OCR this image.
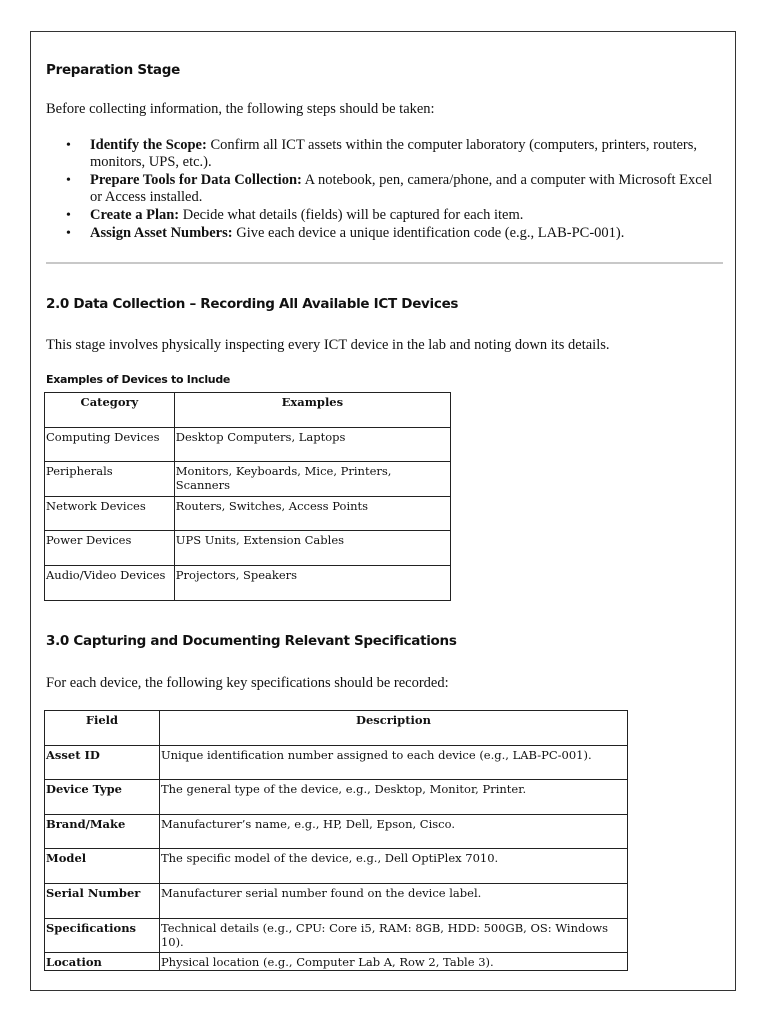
Preparation Stage

Before collecting information, the following steps should be taken:

• Identify the Scope: Confirm all ICT assets within the computer laboratory (computers, printers, routers, monitors, UPS, etc.).
• Prepare Tools for Data Collection: A notebook, pen, camera/phone, and a computer with Microsoft Excel or Access installed.
• Create a Plan: Decide what details (fields) will be captured for each item.
• Assign Asset Numbers: Give each device a unique identification code (e.g., LAB-PC-001).
2.0 Data Collection – Recording All Available ICT Devices

This stage involves physically inspecting every ICT device in the lab and noting down its details.

Examples of Devices to Include
Category	Examples
Computing Devices	Desktop Computers, Laptops
Peripherals	Monitors, Keyboards, Mice, Printers, Scanners
Network Devices	Routers, Switches, Access Points
Power Devices	UPS Units, Extension Cables
Audio/Video Devices	Projectors, Speakers
3.0 Capturing and Documenting Relevant Specifications

For each device, the following key specifications should be recorded:

Field	Description
Asset ID	Unique identification number assigned to each device (e.g., LAB-PC-001).
Device Type	The general type of the device, e.g., Desktop, Monitor, Printer.
Brand/Make	Manufacturer’s name, e.g., HP, Dell, Epson, Cisco.
Model	The specific model of the device, e.g., Dell OptiPlex 7010.
Serial Number	Manufacturer serial number found on the device label.
Specifications	Technical details (e.g., CPU: Core i5, RAM: 8GB, HDD: 500GB, OS: Windows 10).
Location	Physical location (e.g., Computer Lab A, Row 2, Table 3).
